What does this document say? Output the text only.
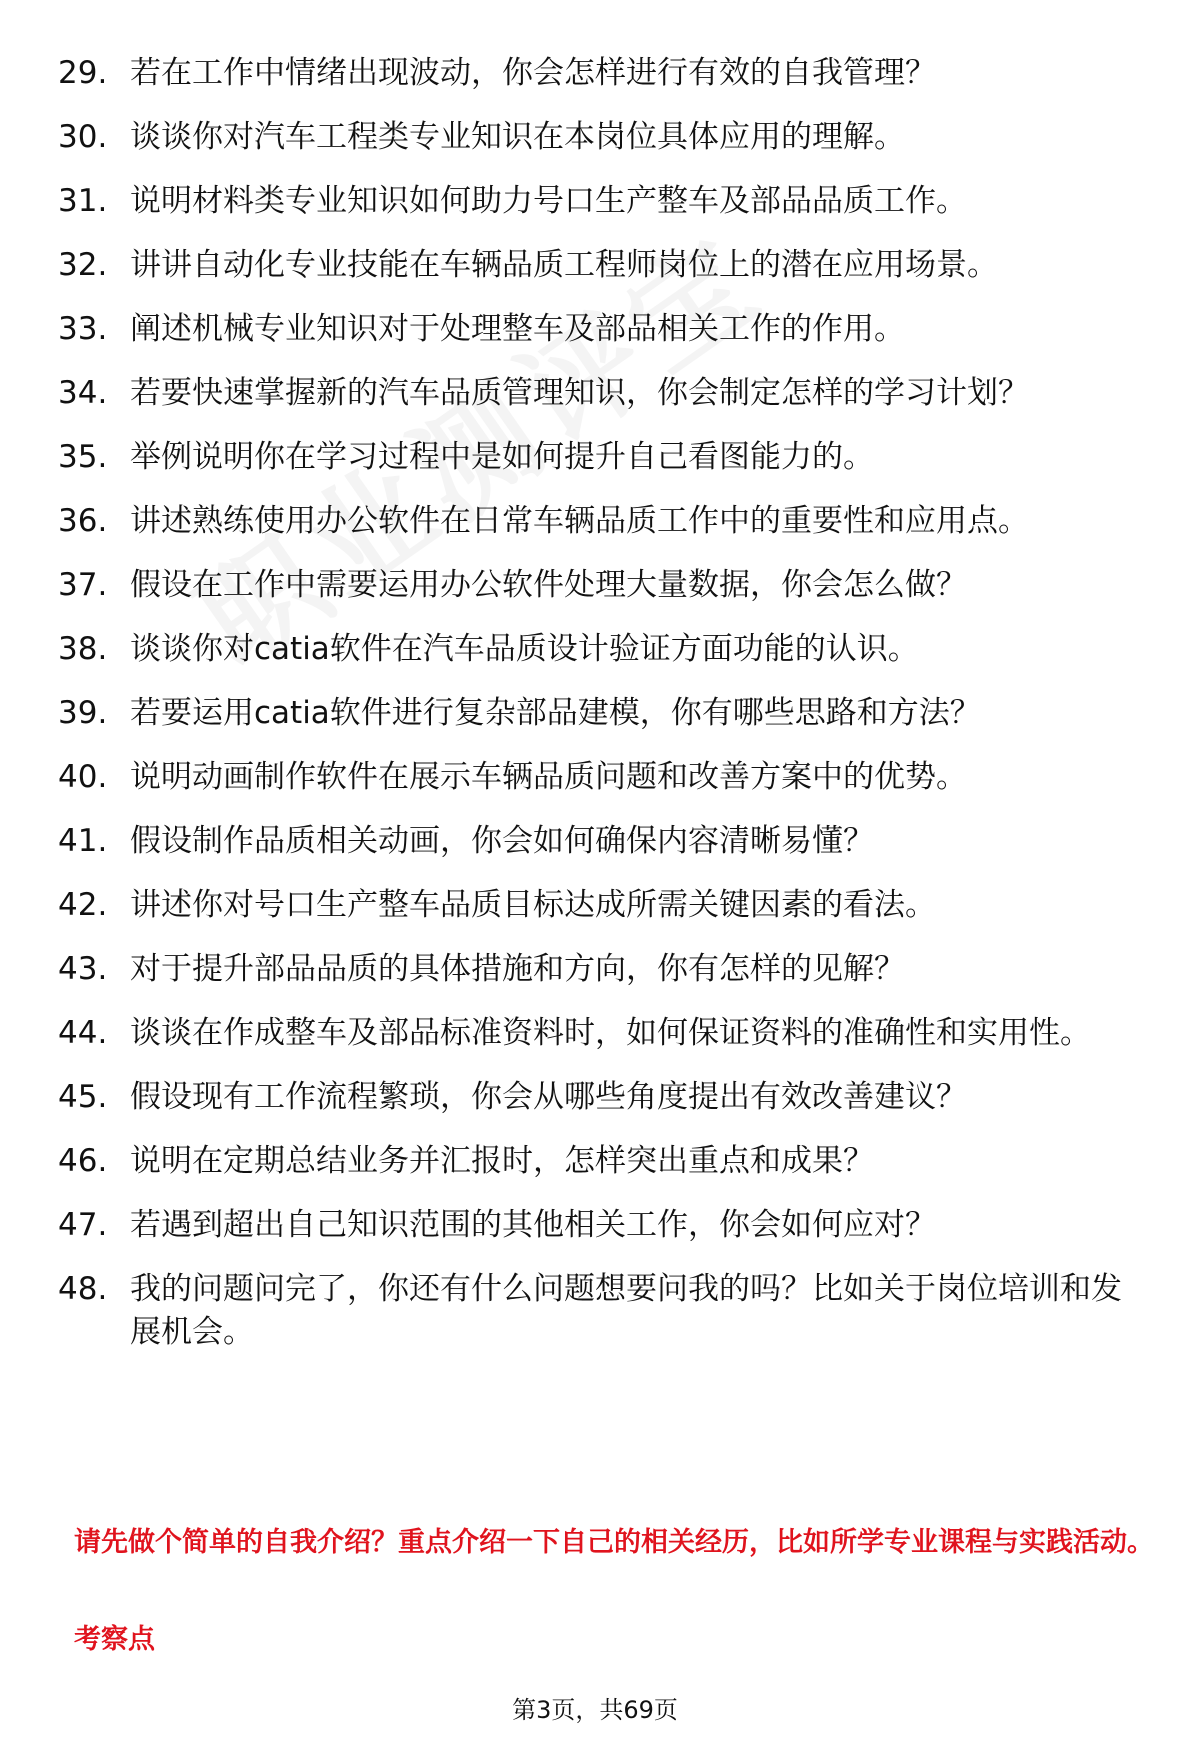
29. 若在工作中情绪出现波动，你会怎样进行有效的自我管理？
30. 谈谈你对汽车工程类专业知识在本岗位具体应用的理解。
31. 说明材料类专业知识如何助力号口生产整车及部品品质工作。
32. 讲讲自动化专业技能在车辆品质工程师岗位上的潜在应用场景。
33. 阐述机械专业知识对于处理整车及部品相关工作的作用。
34. 若要快速掌握新的汽车品质管理知识，你会制定怎样的学习计划？
35. 举例说明你在学习过程中是如何提升自己看图能力的。
36. 讲述熟练使用办公软件在日常车辆品质工作中的重要性和应用点。
37. 假设在工作中需要运用办公软件处理大量数据，你会怎么做？
38. 谈谈你对catia软件在汽车品质设计验证方面功能的认识。
39. 若要运用catia软件进行复杂部品建模，你有哪些思路和方法？
40. 说明动画制作软件在展示车辆品质问题和改善方案中的优势。
41. 假设制作品质相关动画，你会如何确保内容清晰易懂？
42. 讲述你对号口生产整车品质目标达成所需关键因素的看法。
43. 对于提升部品品质的具体措施和方向，你有怎样的见解？
44. 谈谈在作成整车及部品标准资料时，如何保证资料的准确性和实用性。
45. 假设现有工作流程繁琐，你会从哪些角度提出有效改善建议？
46. 说明在定期总结业务并汇报时，怎样突出重点和成果？
47. 若遇到超出自己知识范围的其他相关工作，你会如何应对？
48. 我的问题问完了，你还有什么问题想要问我的吗？比如关于岗位培训和发展机会。
请先做个简单的自我介绍？重点介绍一下自己的相关经历，比如所学专业课程与实践活动。
考察点
第3页，共69页
